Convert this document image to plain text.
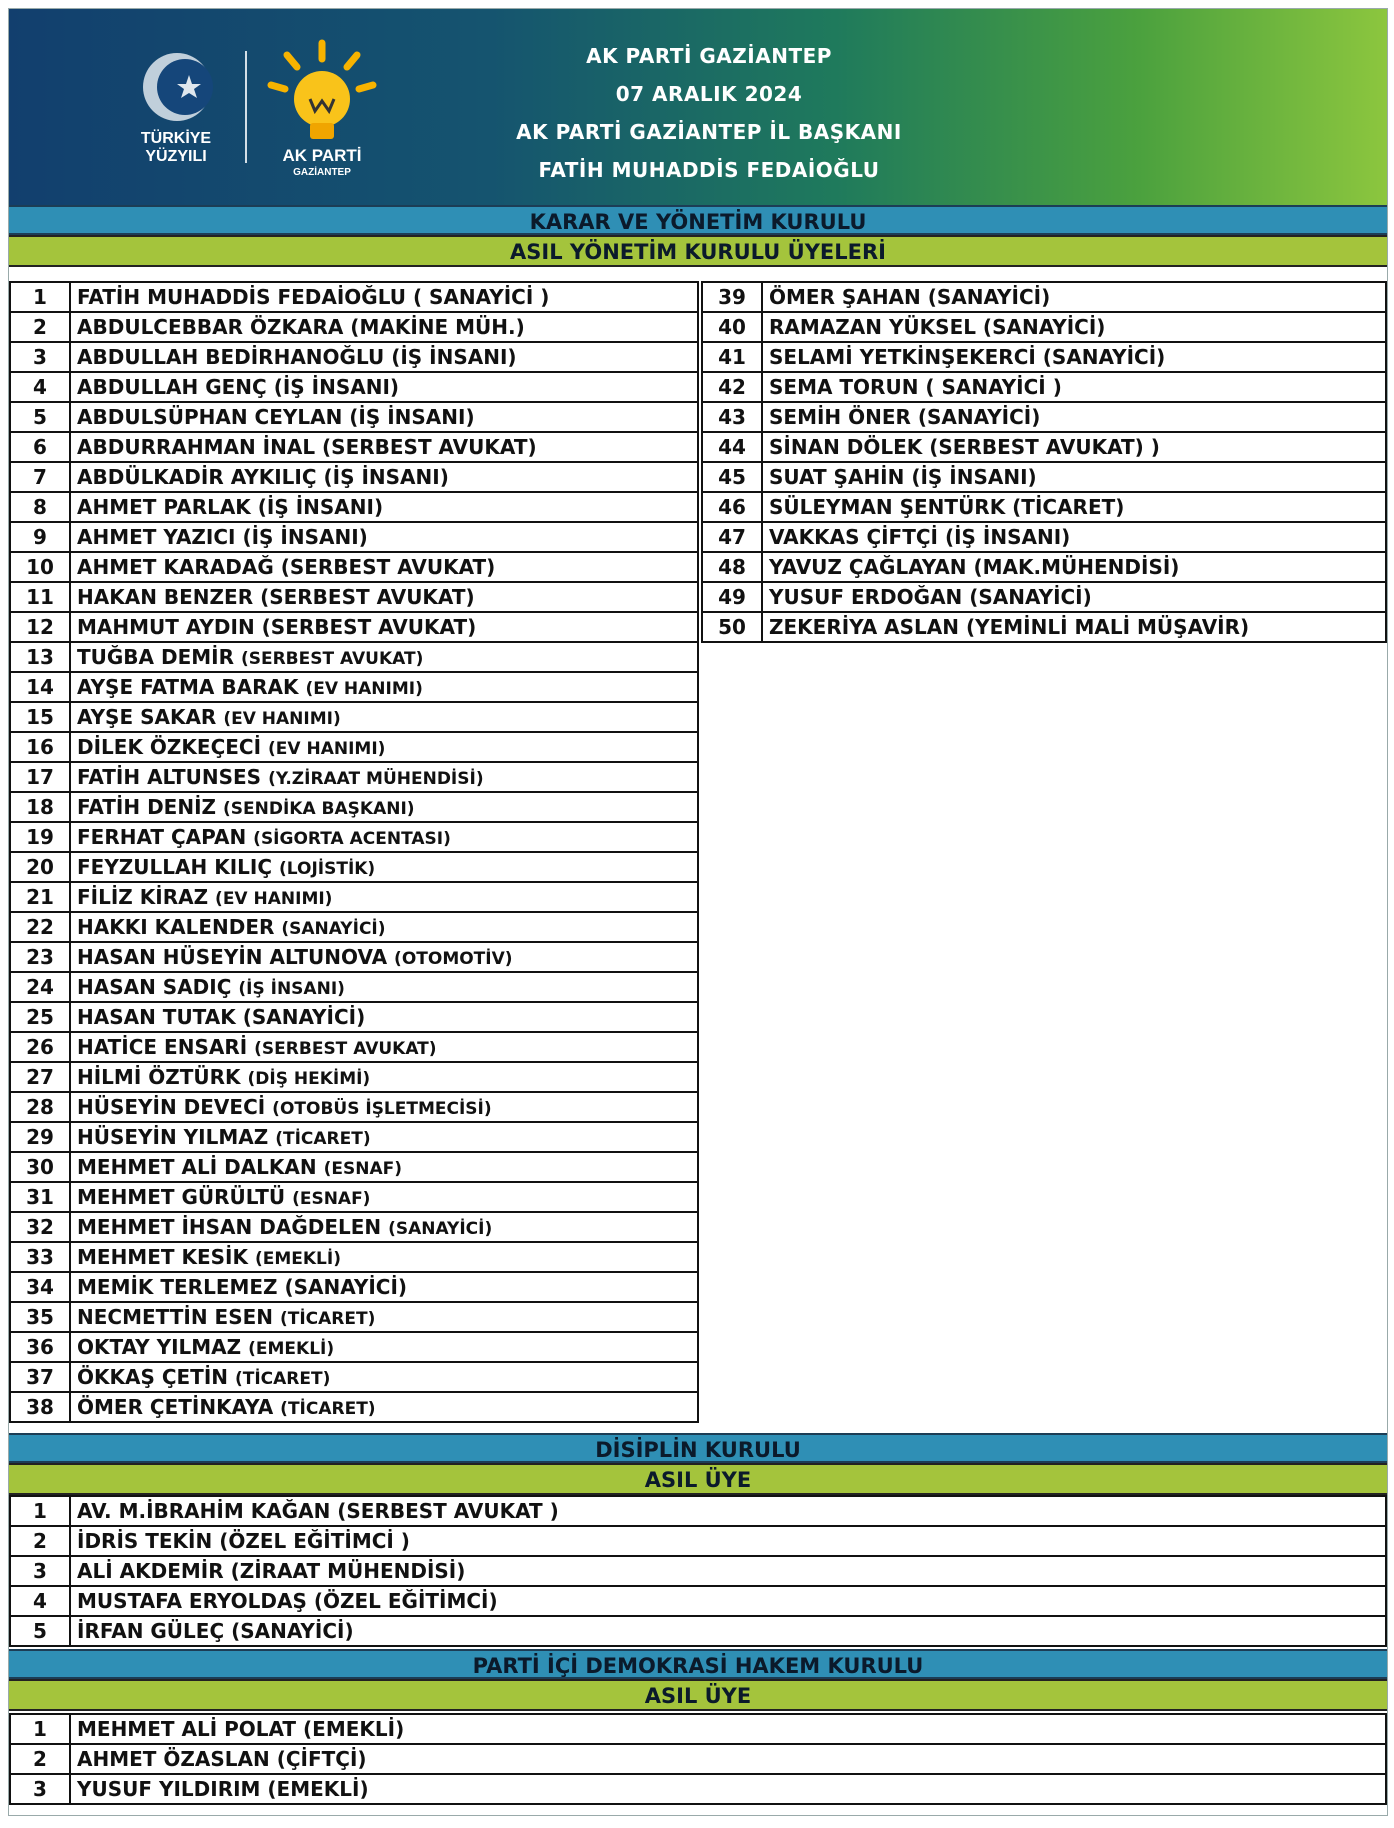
TÜRKİYE
YÜZYILI	AK PARTİ
GAZİANTEP
AK PARTİ GAZİANTEP
07 ARALIK 2024
AK PARTİ GAZİANTEP İL BAŞKANI
FATİH MUHADDİS FEDAİOĞLU
KARAR VE YÖNETİM KURULU
ASIL YÖNETİM KURULU ÜYELERİ
1	FATİH MUHADDİS FEDAİOĞLU ( SANAYİCİ )
2	ABDULCEBBAR ÖZKARA (MAKİNE MÜH.)
3	ABDULLAH BEDİRHANOĞLU (İŞ İNSANI)
4	ABDULLAH GENÇ (İŞ İNSANI)
5	ABDULSÜPHAN CEYLAN (İŞ İNSANI)
6	ABDURRAHMAN İNAL (SERBEST AVUKAT)
7	ABDÜLKADİR AYKILIÇ (İŞ İNSANI)
8	AHMET PARLAK (İŞ İNSANI)
9	AHMET YAZICI (İŞ İNSANI)
10	AHMET KARADAĞ (SERBEST AVUKAT)
11	HAKAN BENZER (SERBEST AVUKAT)
12	MAHMUT AYDIN (SERBEST AVUKAT)
13	TUĞBA DEMİR (SERBEST AVUKAT)
14	AYŞE FATMA BARAK (EV HANIMI)
15	AYŞE SAKAR (EV HANIMI)
16	DİLEK ÖZKEÇECİ (EV HANIMI)
17	FATİH ALTUNSES (Y.ZİRAAT MÜHENDİSİ)
18	FATİH DENİZ (SENDİKA BAŞKANI)
19	FERHAT ÇAPAN (SİGORTA ACENTASI)
20	FEYZULLAH KILIÇ (LOJİSTİK)
21	FİLİZ KİRAZ (EV HANIMI)
22	HAKKI KALENDER (SANAYİCİ)
23	HASAN HÜSEYİN ALTUNOVA (OTOMOTİV)
24	HASAN SADIÇ (İŞ İNSANI)
25	HASAN TUTAK (SANAYİCİ)
26	HATİCE ENSARİ (SERBEST AVUKAT)
27	HİLMİ ÖZTÜRK (DİŞ HEKİMİ)
28	HÜSEYİN DEVECİ (OTOBÜS İŞLETMECİSİ)
29	HÜSEYİN YILMAZ (TİCARET)
30	MEHMET ALİ DALKAN (ESNAF)
31	MEHMET GÜRÜLTÜ (ESNAF)
32	MEHMET İHSAN DAĞDELEN (SANAYİCİ)
33	MEHMET KESİK (EMEKLİ)
34	MEMİK TERLEMEZ (SANAYİCİ)
35	NECMETTİN ESEN (TİCARET)
36	OKTAY YILMAZ (EMEKLİ)
37	ÖKKAŞ ÇETİN (TİCARET)
38	ÖMER ÇETİNKAYA (TİCARET)
39	ÖMER ŞAHAN (SANAYİCİ)
40	RAMAZAN YÜKSEL (SANAYİCİ)
41	SELAMİ YETKİNŞEKERCİ (SANAYİCİ)
42	SEMA TORUN ( SANAYİCİ )
43	SEMİH ÖNER (SANAYİCİ)
44	SİNAN DÖLEK (SERBEST AVUKAT) )
45	SUAT ŞAHİN (İŞ İNSANI)
46	SÜLEYMAN ŞENTÜRK (TİCARET)
47	VAKKAS ÇİFTÇİ (İŞ İNSANI)
48	YAVUZ ÇAĞLAYAN (MAK.MÜHENDİSİ)
49	YUSUF ERDOĞAN (SANAYİCİ)
50	ZEKERİYA ASLAN (YEMİNLİ MALİ MÜŞAVİR)
DİSİPLİN KURULU
ASIL ÜYE
1	AV. M.İBRAHİM KAĞAN (SERBEST AVUKAT )
2	İDRİS TEKİN (ÖZEL EĞİTİMCİ )
3	ALİ AKDEMİR (ZİRAAT MÜHENDİSİ)
4	MUSTAFA ERYOLDAŞ (ÖZEL EĞİTİMCİ)
5	İRFAN GÜLEÇ (SANAYİCİ)
PARTİ İÇİ DEMOKRASİ HAKEM KURULU
ASIL ÜYE
1	MEHMET ALİ POLAT (EMEKLİ)
2	AHMET ÖZASLAN (ÇİFTÇİ)
3	YUSUF YILDIRIM (EMEKLİ)
